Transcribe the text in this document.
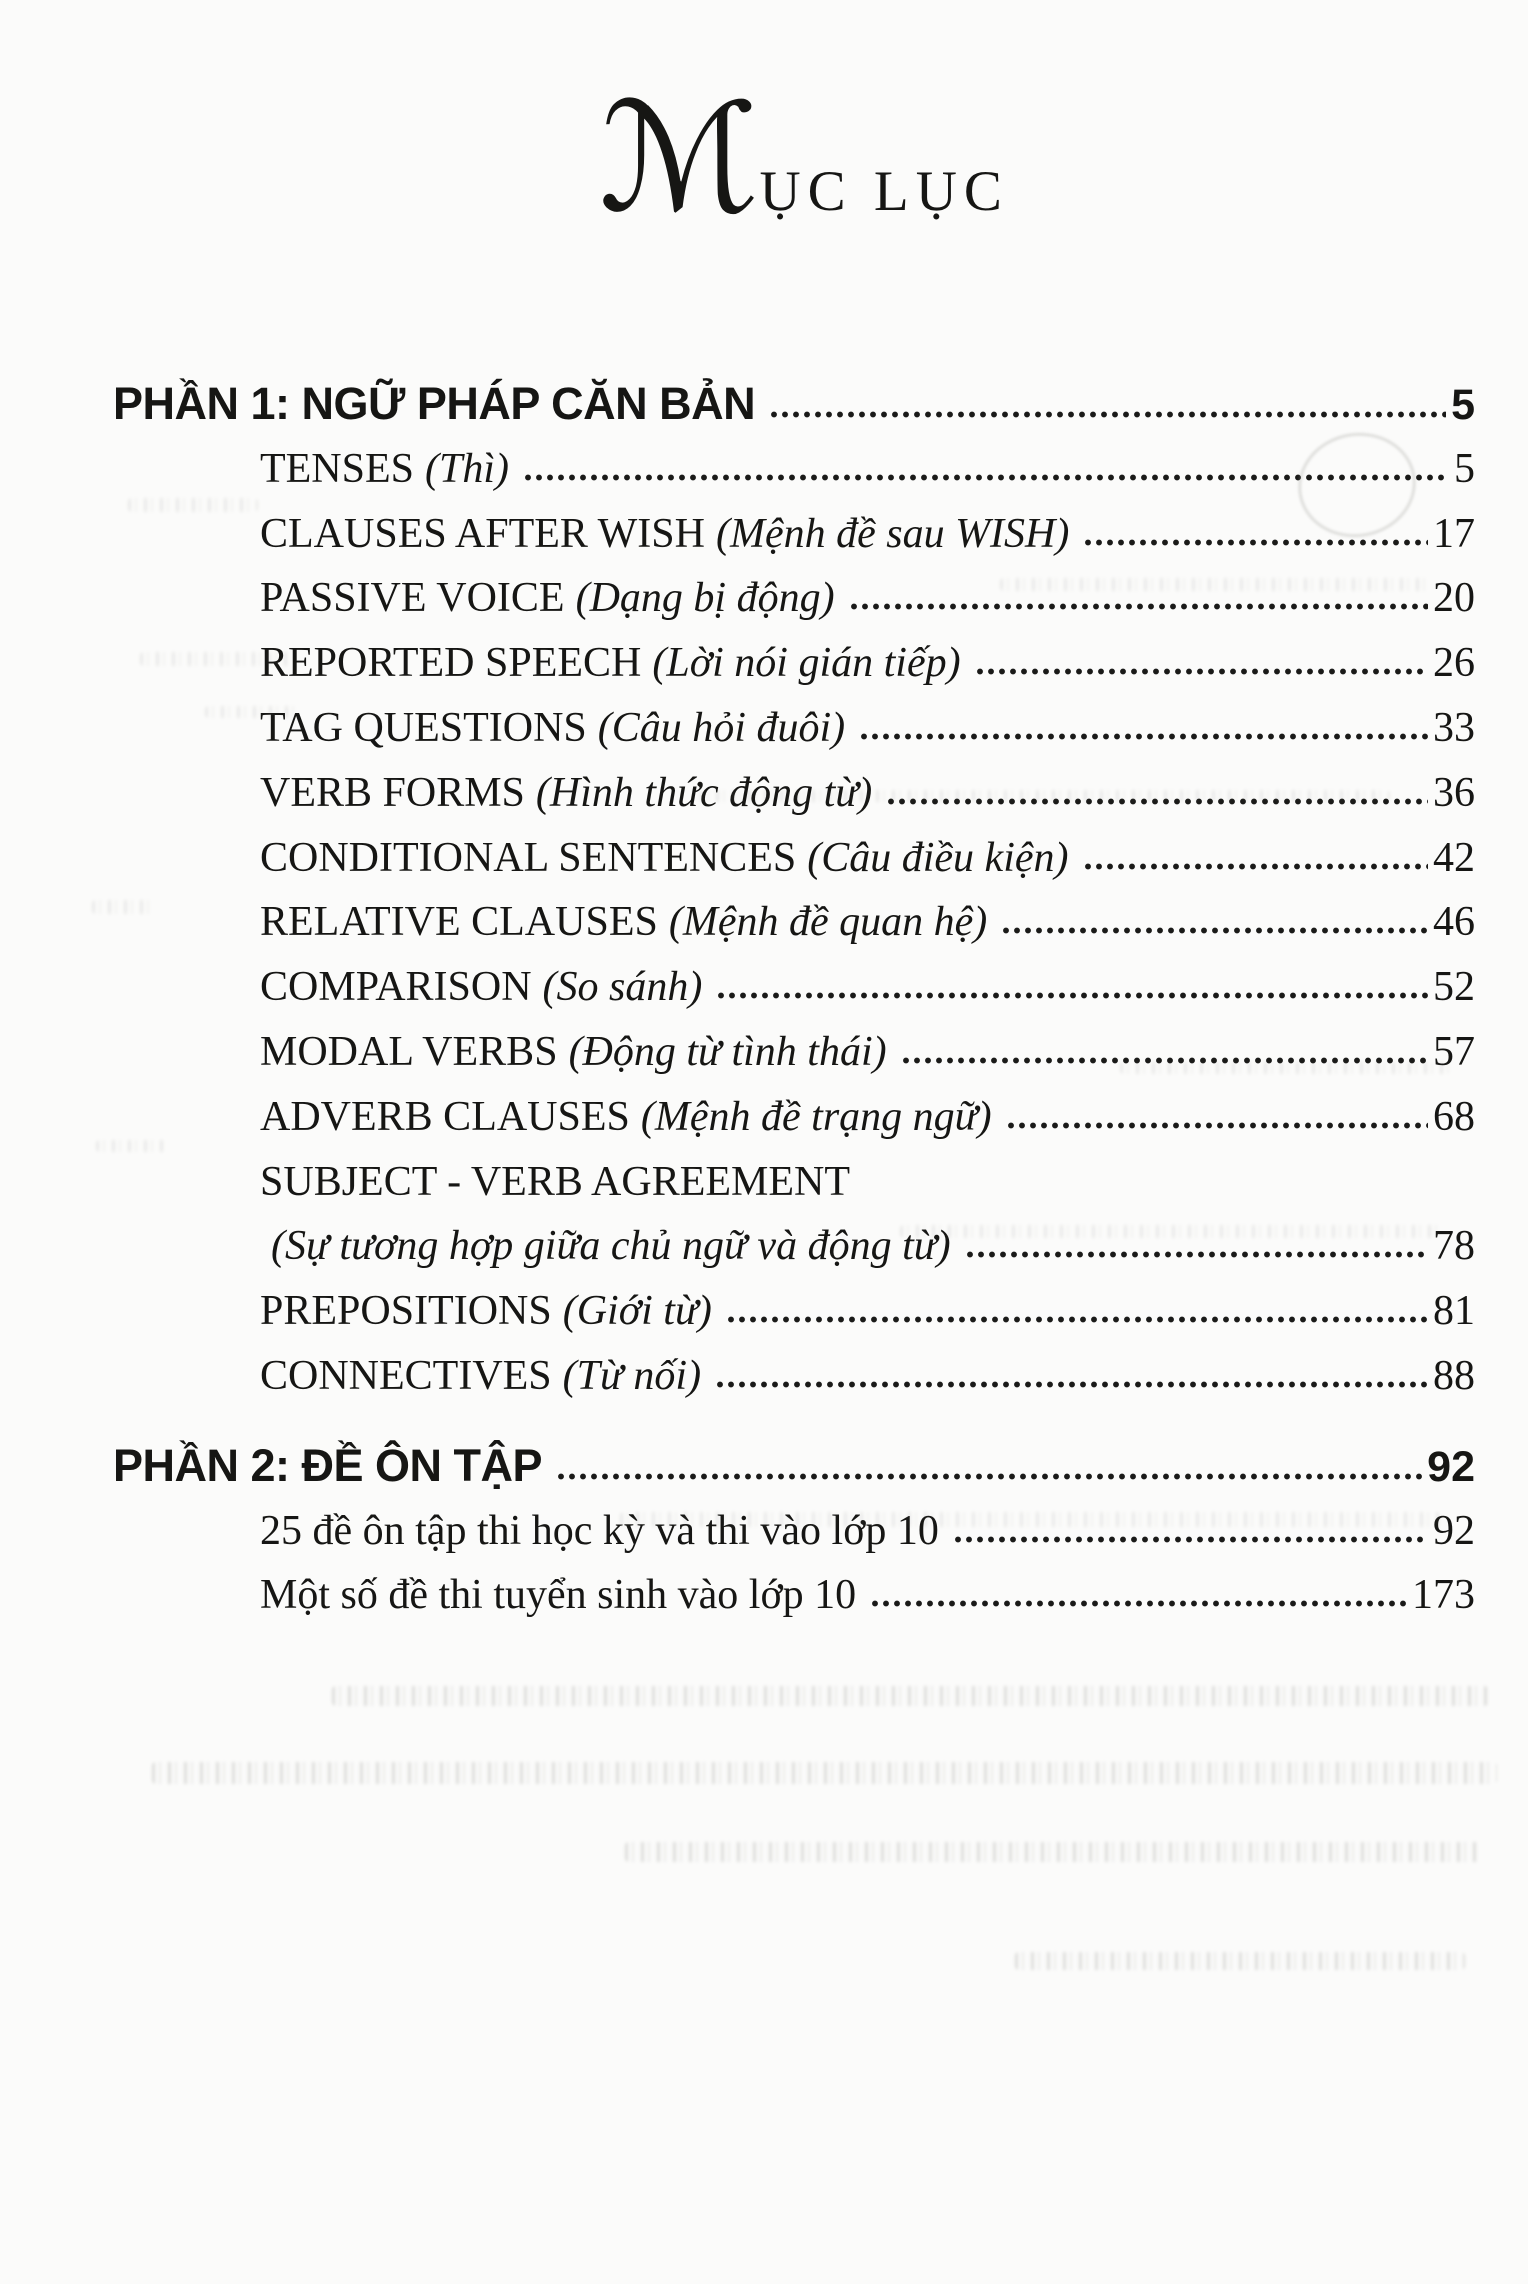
ℳ ỤC LỤC
PHẦN 1: NGỮ PHÁP CĂN BẢN	5
TENSES (Thì)	5
CLAUSES AFTER WISH (Mệnh đề sau WISH)	17
PASSIVE VOICE (Dạng bị động)	20
REPORTED SPEECH (Lời nói gián tiếp)	26
TAG QUESTIONS (Câu hỏi đuôi)	33
VERB FORMS (Hình thức động từ)	36
CONDITIONAL SENTENCES (Câu điều kiện)	42
RELATIVE CLAUSES (Mệnh đề quan hệ)	46
COMPARISON (So sánh)	52
MODAL VERBS (Động từ tình thái)	57
ADVERB CLAUSES (Mệnh đề trạng ngữ)	68
SUBJECT - VERB AGREEMENT
(Sự tương hợp giữa chủ ngữ và động từ)	78
PREPOSITIONS (Giới từ)	81
CONNECTIVES (Từ nối)	88
PHẦN 2: ĐỀ ÔN TẬP	92
25 đề ôn tập thi học kỳ và thi vào lớp 10	92
Một số đề thi tuyển sinh vào lớp 10	173
